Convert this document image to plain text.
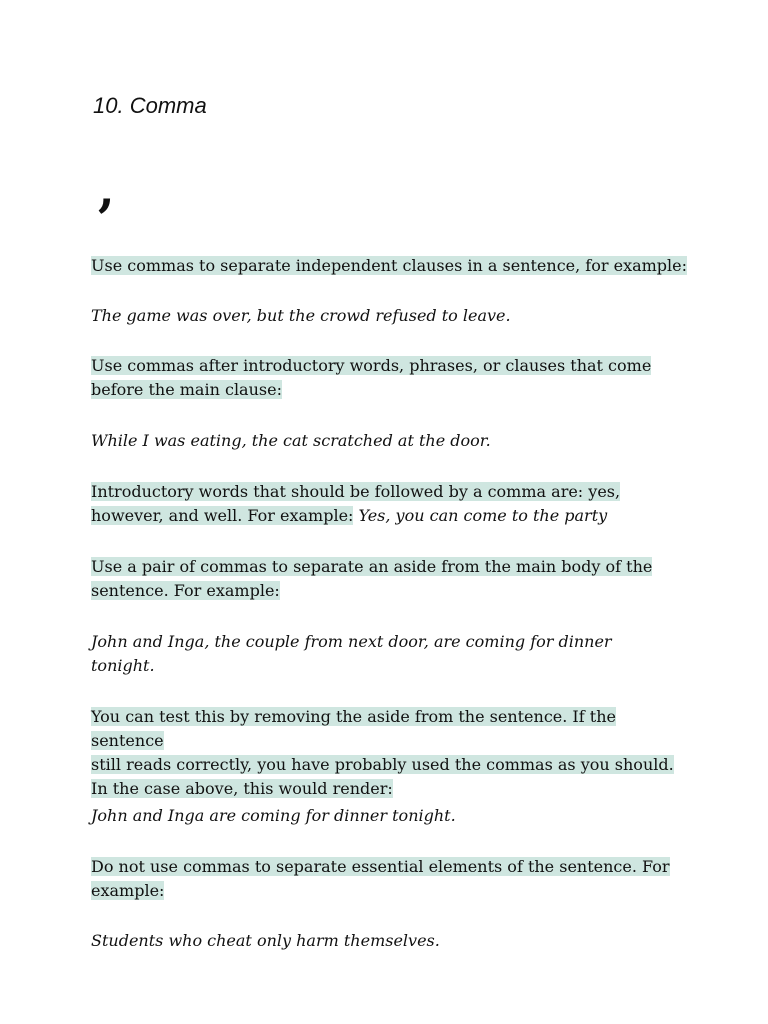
10. Comma
,

Use commas to separate independent clauses in a sentence, for example:

The game was over, but the crowd refused to leave.

Use commas after introductory words, phrases, or clauses that come
before the main clause:

While I was eating, the cat scratched at the door.

Introductory words that should be followed by a comma are: yes,
however, and well. For example: Yes, you can come to the party

Use a pair of commas to separate an aside from the main body of the
sentence. For example:

John and Inga, the couple from next door, are coming for dinner tonight.

You can test this by removing the aside from the sentence. If the sentence
still reads correctly, you have probably used the commas as you should.
In the case above, this would render:

John and Inga are coming for dinner tonight.

Do not use commas to separate essential elements of the sentence. For
example:

Students who cheat only harm themselves.
